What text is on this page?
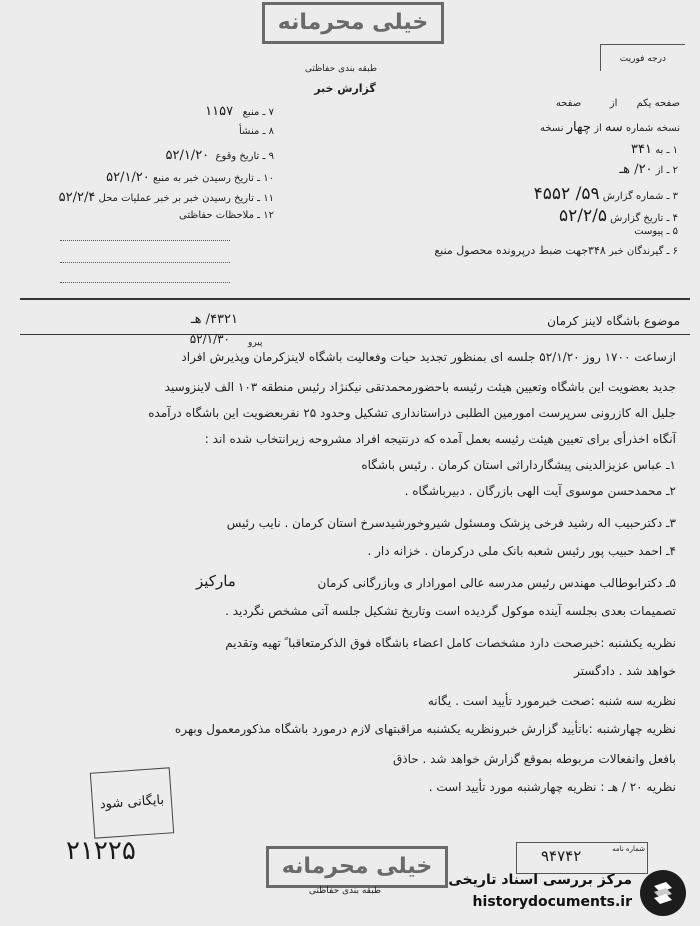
خیلی محرمانه
طبقه بندی حفاظتی
گزارش خبر
درجه فوریت
صفحه یکم      از         صفحه
نسخه شماره سه از چهار نسخه
۱ ـ به ۳۴۱
۲ ـ از ۲۰/ هـ
۳ ـ شماره گزارش ۵۹/ ۴۵۵۲
۴ ـ تاریخ گزارش ۵۲/۲/۵
۵ ـ پیوست
۶ ـ گیرندگان خبر ۳۴۸جهت ضبط درپرونده محصول منبع
۷ ـ منبع   ۱۱۵۷
۸ ـ منشأ
۹ ـ تاریخ وقوع  ۵۲/۱/۲۰
۱۰ ـ تاریخ رسیدن خبر به منبع ۵۲/۱/۲۰
۱۱ ـ تاریخ رسیدن خبر بر خبر عملیات محل ۵۲/۲/۴
۱۲ ـ ملاحظات حفاظتی
موضوع باشگاه لاینز کرمان
۴۳۲۱/ هـ
۵۲/۱/۳۰ پیرو
ازساعت ۱۷۰۰ روز ۵۲/۱/۲۰ جلسه ای بمنظور تجدید حیات وفعالیت باشگاه لاینزکرمان وپذیرش افراد
جدید بعضویت این باشگاه وتعیین هیئت رئیسه باحضورمحمدتقی نیکنژاد رئیس منطقه ۱۰۳ الف لاینزوسید
جلیل اله کازرونی سرپرست امورمین الطلبی دراستانداری تشکیل وحدود ۲۵ نفربعضویت این باشگاه درآمده
آنگاه اخذرأی برای تعیین هیئت رئیسه بعمل آمده که درنتیجه افراد مشروحه زیرانتخاب شده اند :
۱ـ عباس عزیزالدینی پیشگارداراثی استان کرمان . رئیس باشگاه
۲ـ محمدحسن موسوی آیت الهی بازرگان . دبیرباشگاه .
۳ـ دکترحبیب اله رشید فرخی پزشک ومسئول شیروخورشیدسرخ استان کرمان . نایب رئیس
۴ـ احمد حبیب پور رئیس شعبه بانک ملی درکرمان . خزانه دار .
۵ـ دکترابوطالب مهندس رئیس مدرسه عالی امورادار ی وبازرگانی کرمان
مارکیز
تصمیمات بعدی بجلسه آینده موکول گردیده است وتاریخ تشکیل جلسه آتی مشخص نگردید .
نظریه یکشنبه :خبرصحت دارد مشخصات کامل اعضاء باشگاه فوق الذکرمتعاقبا ً تهیه وتقدیم
خواهد شد . دادگستر
نظریه سه شنبه :صحت خبرمورد تأیید است . یگانه
نظریه چهارشنبه :باتأیید گزارش خبرونظریه یکشنبه مراقبتهای لازم درمورد باشگاه مذکورمعمول وبهره
بافعل وانفعالات مربوطه بموقع گزارش خواهد شد . حاذق
نظریه ۲۰ / هـ : نظریه چهارشنبه مورد تأیید است .
بایگانی شود
۲۱۲۲۵
خیلی محرمانه
طبقه بندی حفاظتی
۹۴۷۴۲	شماره نامه
مرکز بررسی اسناد تاریخی
historydocuments.ir
